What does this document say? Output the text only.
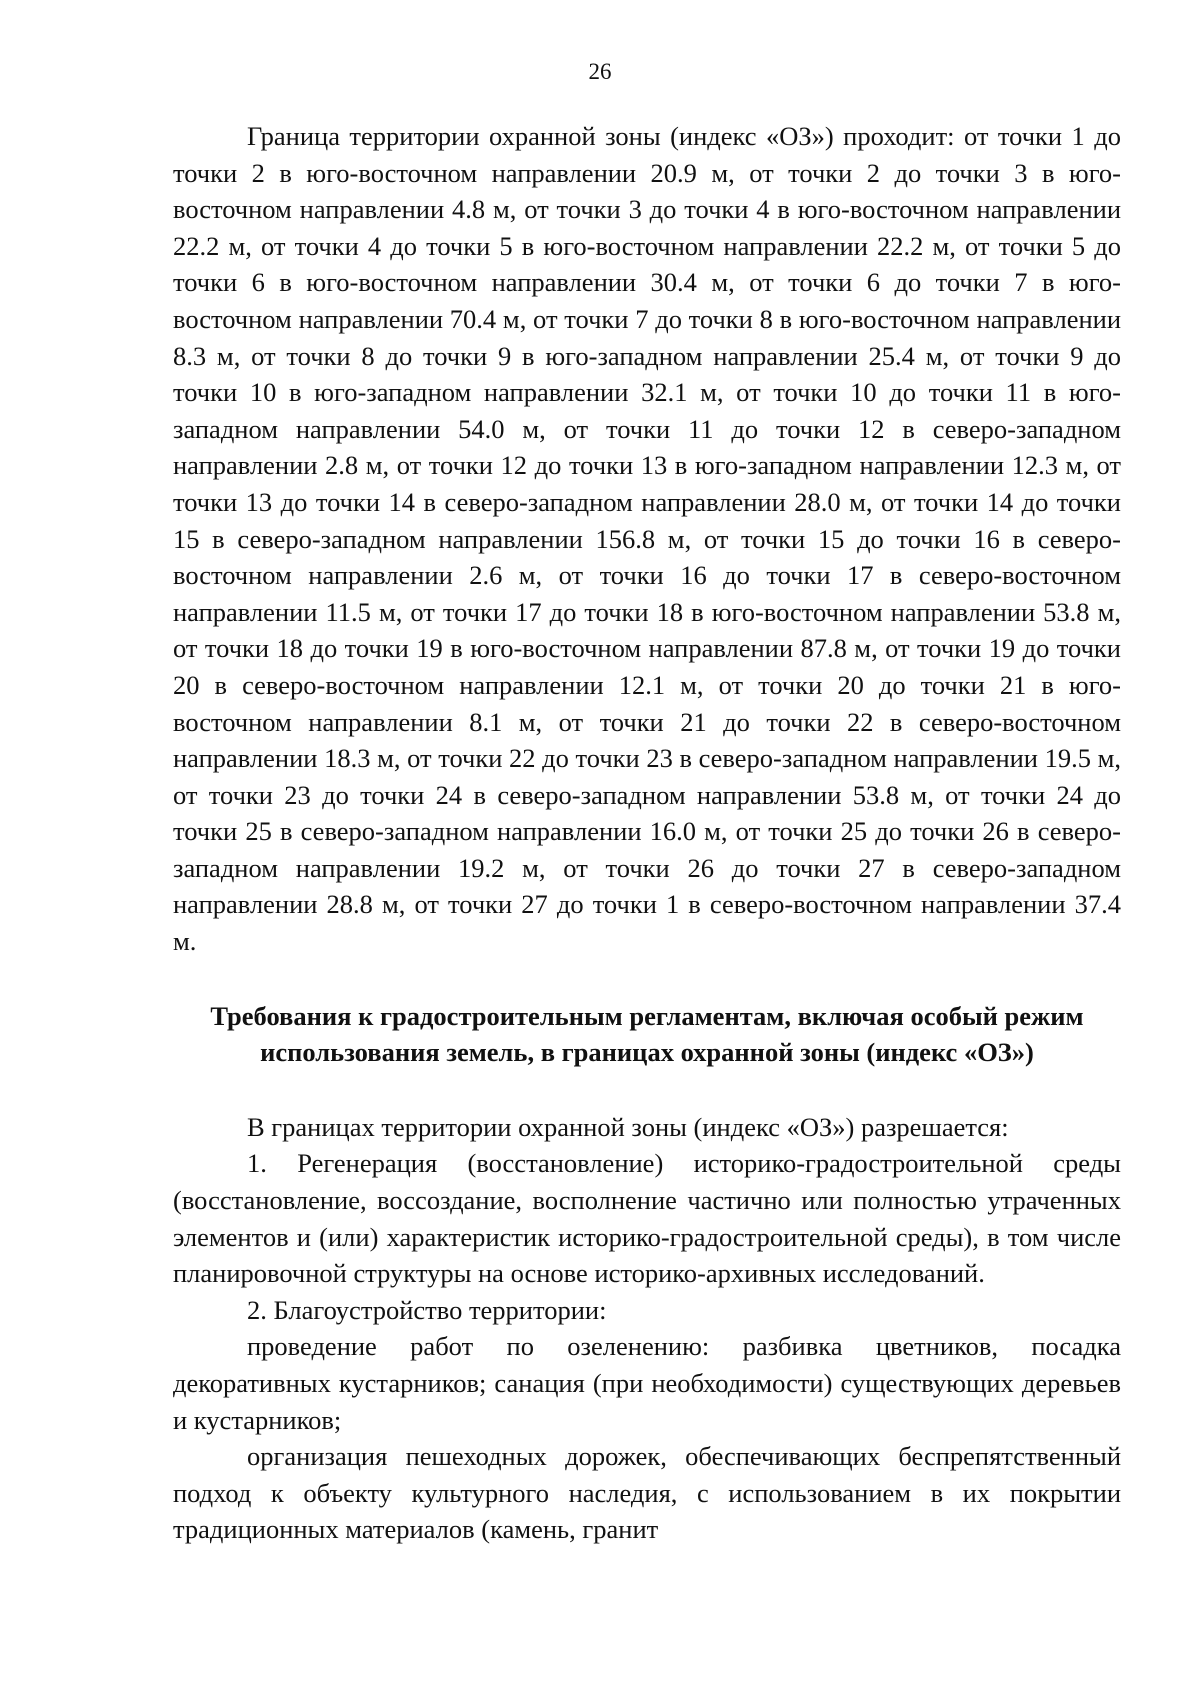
26

Граница территории охранной зоны (индекс «ОЗ») проходит: от точки 1 до точки 2 в юго-восточном направлении 20.9 м, от точки 2 до точки 3 в юго-восточном направлении 4.8 м, от точки 3 до точки 4 в юго-восточном направлении 22.2 м, от точки 4 до точки 5 в юго-восточном направлении 22.2 м, от точки 5 до точки 6 в юго-восточном направлении 30.4 м, от точки 6 до точки 7 в юго-восточном направлении 70.4 м, от точки 7 до точки 8 в юго-восточном направлении 8.3 м, от точки 8 до точки 9 в юго-западном направлении 25.4 м, от точки 9 до точки 10 в юго-западном направлении 32.1 м, от точки 10 до точки 11 в юго-западном направлении 54.0 м, от точки 11 до точки 12 в северо-западном направлении 2.8 м, от точки 12 до точки 13 в юго-западном направлении 12.3 м, от точки 13 до точки 14 в северо-западном направлении 28.0 м, от точки 14 до точки 15 в северо-западном направлении 156.8 м, от точки 15 до точки 16 в северо-восточном направлении 2.6 м, от точки 16 до точки 17 в северо-восточном направлении 11.5 м, от точки 17 до точки 18 в юго-восточном направлении 53.8 м, от точки 18 до точки 19 в юго-восточном направлении 87.8 м, от точки 19 до точки 20 в северо-восточном направлении 12.1 м, от точки 20 до точки 21 в юго-восточном направлении 8.1 м, от точки 21 до точки 22 в северо-восточном направлении 18.3 м, от точки 22 до точки 23 в северо-западном направлении 19.5 м, от точки 23 до точки 24 в северо-западном направлении 53.8 м, от точки 24 до точки 25 в северо-западном направлении 16.0 м, от точки 25 до точки 26 в северо-западном направлении 19.2 м, от точки 26 до точки 27 в северо-западном направлении 28.8 м, от точки 27 до точки 1 в северо-восточном направлении 37.4 м.

Требования к градостроительным регламентам, включая особый режим
использования земель, в границах охранной зоны (индекс «ОЗ»)

В границах территории охранной зоны (индекс «ОЗ») разрешается:

1. Регенерация (восстановление) историко-градостроительной среды (восстановление, воссоздание, восполнение частично или полностью утраченных элементов и (или) характеристик историко-градостроительной среды), в том числе планировочной структуры на основе историко-архивных исследований.

2. Благоустройство территории:

проведение работ по озеленению: разбивка цветников, посадка декоративных кустарников; санация (при необходимости) существующих деревьев и кустарников;

организация пешеходных дорожек, обеспечивающих беспрепятственный подход к объекту культурного наследия, с использованием в их покрытии традиционных материалов (камень, гранит
